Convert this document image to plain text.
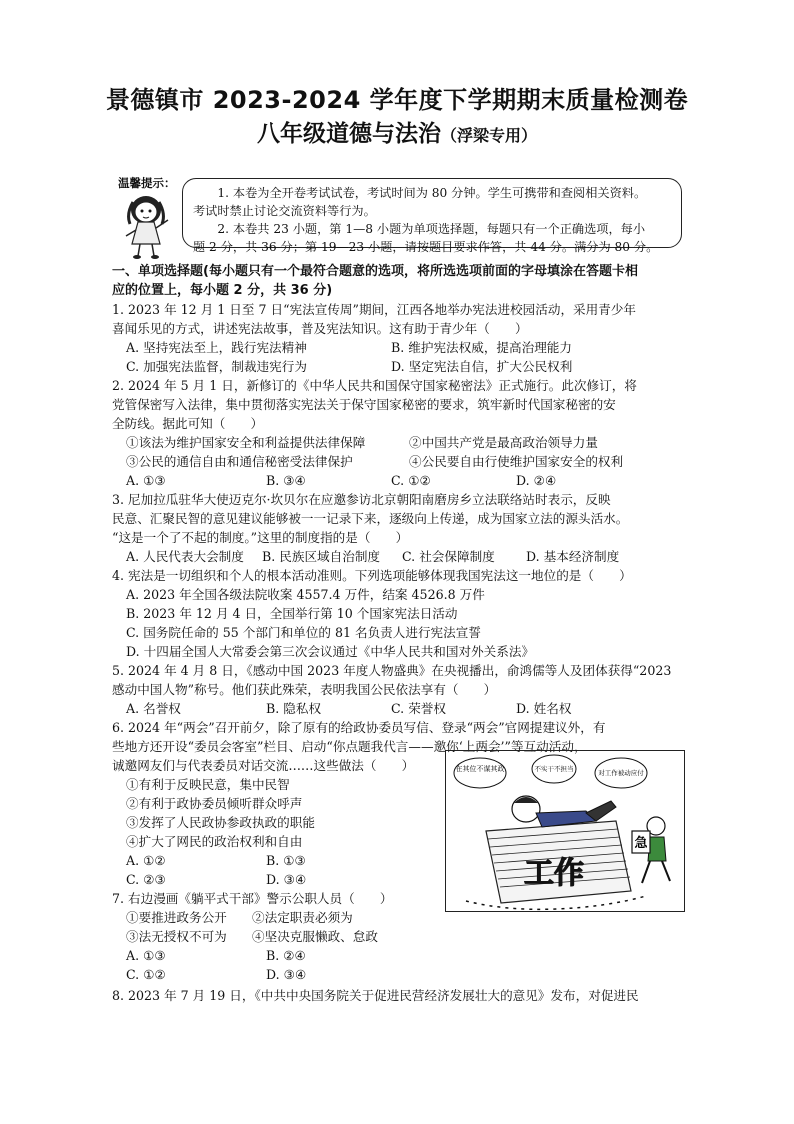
景德镇市 2023-2024 学年度下学期期末质量检测卷
八年级道德与法治（浮梁专用）
温馨提示：

1. 本卷为全开卷考试试卷，考试时间为 80 分钟。学生可携带和查阅相关资料。

考试时禁止讨论交流资料等行为。

2. 本卷共 23 小题，第 1—8 小题为单项选择题，每题只有一个正确选项，每小

题 2 分，共 36 分；第 19—23 小题，请按题目要求作答，共 44 分。满分为 80 分。

一、单项选择题(每小题只有一个最符合题意的选项，将所选选项前面的字母填涂在答题卡相
应的位置上，每小题 2 分，共 36 分)
1. 2023 年 12 月 1 日至 7 日“宪法宣传周”期间，江西各地举办宪法进校园活动，采用青少年
喜闻乐见的方式，讲述宪法故事，普及宪法知识。这有助于青少年（　　）
A. 坚持宪法至上，践行宪法精神	B. 维护宪法权威，提高治理能力
C. 加强宪法监督，制裁违宪行为	D. 坚定宪法自信，扩大公民权利
2. 2024 年 5 月 1 日，新修订的《中华人民共和国保守国家秘密法》正式施行。此次修订，将
党管保密写入法律，集中贯彻落实宪法关于保守国家秘密的要求，筑牢新时代国家秘密的安
全防线。据此可知（　　）
①该法为维护国家安全和利益提供法律保障	②中国共产党是最高政治领导力量
③公民的通信自由和通信秘密受法律保护	④公民要自由行使维护国家安全的权利
A. ①③	B. ③④	C. ①②	D. ②④
3. 尼加拉瓜驻华大使迈克尔·坎贝尔在应邀参访北京朝阳南磨房乡立法联络站时表示，反映
民意、汇聚民智的意见建议能够被一一记录下来，逐级向上传递，成为国家立法的源头活水。
“这是一个了不起的制度。”这里的制度指的是（　　）
A. 人民代表大会制度 B. 民族区域自治制度 C. 社会保障制度 D. 基本经济制度
4. 宪法是一切组织和个人的根本活动准则。下列选项能够体现我国宪法这一地位的是（　　）
A. 2023 年全国各级法院收案 4557.4 万件，结案 4526.8 万件
B. 2023 年 12 月 4 日，全国举行第 10 个国家宪法日活动
C. 国务院任命的 55 个部门和单位的 81 名负责人进行宪法宣誓
D. 十四届全国人大常委会第三次会议通过《中华人民共和国对外关系法》
5. 2024 年 4 月 8 日，《感动中国 2023 年度人物盛典》在央视播出，俞鸿儒等人及团体获得“2023
感动中国人物”称号。他们获此殊荣，表明我国公民依法享有（　　）
A. 名誉权	B. 隐私权	C. 荣誉权	D. 姓名权
6. 2024 年“两会”召开前夕，除了原有的给政协委员写信、登录“两会”官网提建议外，有
些地方还开设“委员会客室”栏目、启动“你点题我代言——邀你‘上两会’”等互动活动，
诚邀网友们与代表委员对话交流……这些做法（　　）
①有利于反映民意，集中民智
②有利于政协委员倾听群众呼声
③发挥了人民政协参政执政的职能
④扩大了网民的政治权利和自由
A. ①②	B. ①③
C. ②③	D. ③④
7. 右边漫画《躺平式干部》警示公职人员（　　）
①要推进政务公开 ②法定职责必须为
③法无授权不可为 ④坚决克服懒政、怠政
A. ①③	B. ②④
C. ①②	D. ③④
8. 2023 年 7 月 19 日，《中共中央国务院关于促进民营经济发展壮大的意见》发布，对促进民
工作
在其位不谋其政	不实干不担当	对工作被动应付
急
